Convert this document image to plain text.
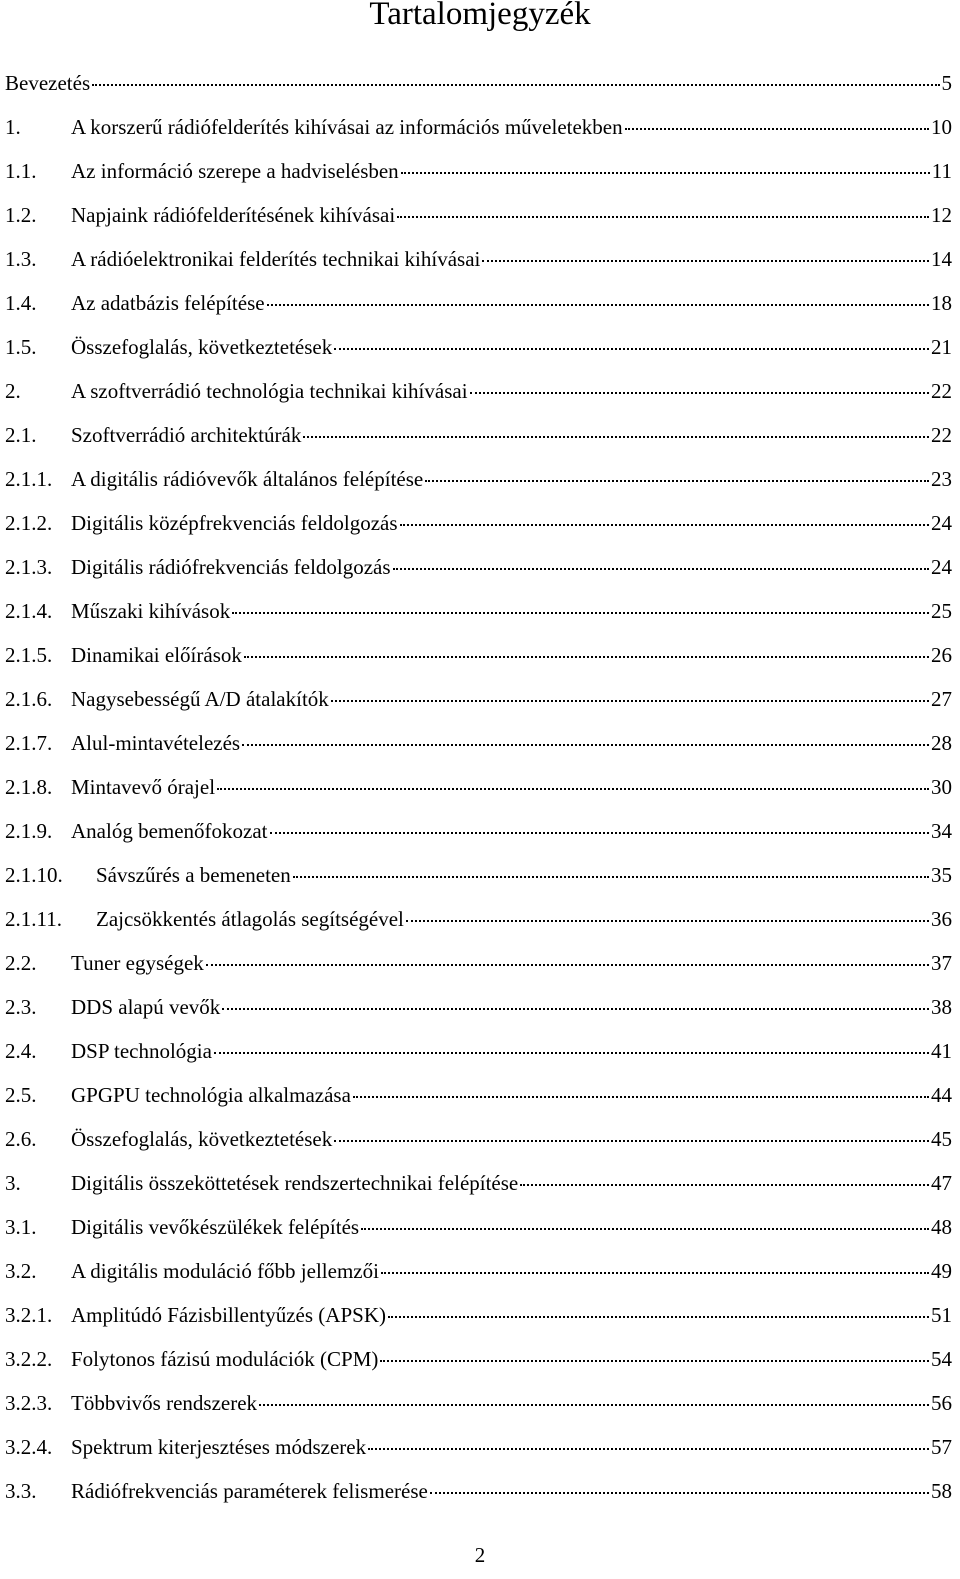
Tartalomjegyzék
Bevezetés	5
1.	A korszerű rádiófelderítés kihívásai az információs műveletekben	10
1.1.	Az információ szerepe a hadviselésben	11
1.2.	Napjaink rádiófelderítésének kihívásai	12
1.3.	A rádióelektronikai felderítés technikai kihívásai	14
1.4.	Az adatbázis felépítése	18
1.5.	Összefoglalás, következtetések	21
2.	A szoftverrádió technológia technikai kihívásai	22
2.1.	Szoftverrádió architektúrák	22
2.1.1. A digitális rádióvevők általános felépítése	23
2.1.2. Digitális középfrekvenciás feldolgozás	24
2.1.3. Digitális rádiófrekvenciás feldolgozás	24
2.1.4. Műszaki kihívások	25
2.1.5. Dinamikai előírások	26
2.1.6. Nagysebességű A/D átalakítók	27
2.1.7. Alul-mintavételezés	28
2.1.8. Mintavevő órajel	30
2.1.9. Analóg bemenőfokozat	34
2.1.10.	Sávszűrés a bemeneten	35
2.1.11.	Zajcsökkentés átlagolás segítségével	36
2.2.	Tuner egységek	37
2.3.	DDS alapú vevők	38
2.4.	DSP technológia	41
2.5.	GPGPU technológia alkalmazása	44
2.6.	Összefoglalás, következtetések	45
3.	Digitális összeköttetések rendszertechnikai felépítése	47
3.1.	Digitális vevőkészülékek felépítés	48
3.2.	A digitális moduláció főbb jellemzői	49
3.2.1. Amplitúdó Fázisbillentyűzés (APSK)	51
3.2.2. Folytonos fázisú modulációk (CPM)	54
3.2.3. Többvivős rendszerek	56
3.2.4. Spektrum kiterjesztéses módszerek	57
3.3.	Rádiófrekvenciás paraméterek felismerése	58
2
